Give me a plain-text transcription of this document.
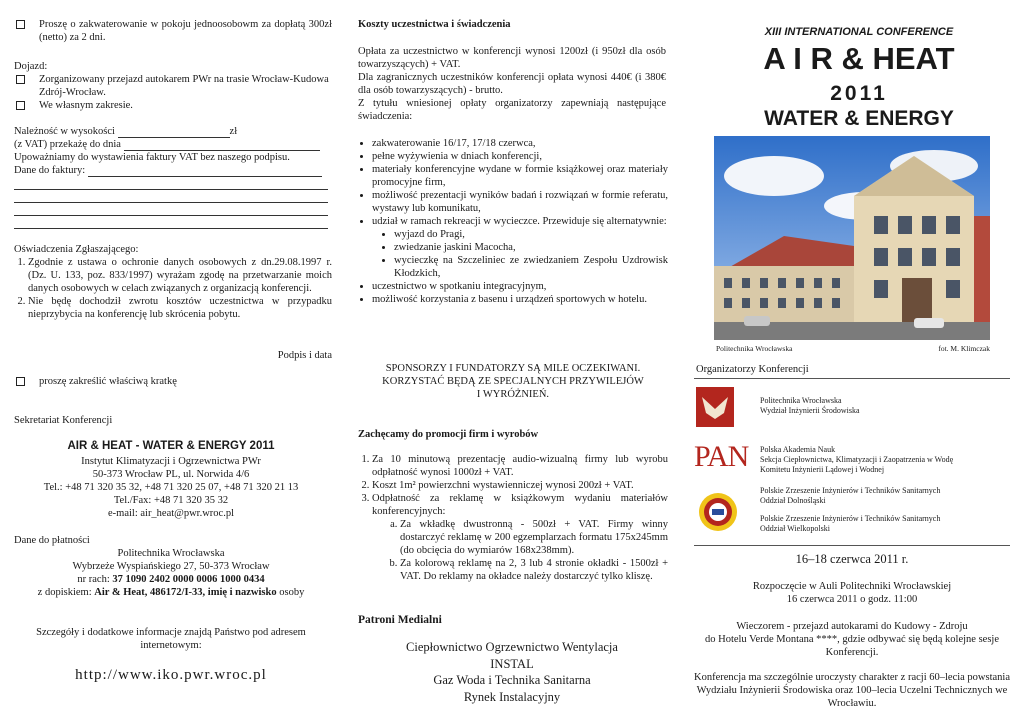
Proszę o zakwaterowanie w pokoju jednoosobowm za dopłatą 300zł (netto) za 2 dni.
Dojazd:
Zorganizowany przejazd autokarem PWr na trasie Wrocław-Kudowa Zdrój-Wrocław.
We własnym zakresie.
Należność w wysokości	zł
(z VAT) przekażę do dnia
Upoważniamy do wystawienia faktury VAT bez naszego podpisu.
Dane do faktury:
Oświadczenia Zgłaszającego:
1. Zgodnie z ustawa o ochronie danych osobowych z dn.29.08.1997 r. (Dz. U. 133, poz. 833/1997) wyrażam zgodę na przetwarzanie moich danych osobowych w celach związanych z organizacją konferencji.
2. Nie będę dochodził zwrotu kosztów uczestnictwa w przypadku nieprzybycia na konferencję lub skrócenia pobytu.
Podpis i data
proszę zakreślić właściwą kratkę
Sekretariat Konferencji
AIR & HEAT - WATER & ENERGY 2011
Instytut Klimatyzacji i Ogrzewnictwa PWr
50-373 Wrocław PL, ul. Norwida 4/6
Tel.: +48 71 320 35 32, +48 71 320 25 07, +48 71 320 21 13
Tel./Fax: +48 71 320 35 32
e-mail: air_heat@pwr.wroc.pl
Dane do płatności
Politechnika Wrocławska
Wybrzeże Wyspiańskiego 27, 50-373 Wrocław
nr rach: 37 1090 2402 0000 0006 1000 0434
z dopiskiem: Air & Heat, 486172/I-33, imię i nazwisko osoby
Szczegóły i dodatkowe informacje znajdą Państwo pod adresem internetowym:
http://www.iko.pwr.wroc.pl
Koszty uczestnictwa i świadczenia
Opłata za uczestnictwo w konferencji wynosi 1200zł (i 950zł dla osób towarzyszących) + VAT.
Dla zagranicznych uczestników konferencji opłata wynosi 440€ (i 380€ dla osób towarzyszących) - brutto.
Z tytułu wniesionej opłaty organizatorzy zapewniają następujące świadczenia:
• zakwaterowanie 16/17, 17/18 czerwca,
• pełne wyżywienia w dniach konferencji,
• materiały konferencyjne wydane w formie książkowej oraz materiały promocyjne firm,
• możliwość prezentacji wyników badań i rozwiązań w formie referatu, wystawy lub komunikatu,
• udział w ramach rekreacji w wycieczce. Przewiduje się alternatywnie:
• wyjazd do Pragi,
• zwiedzanie jaskini Macocha,
• wycieczkę na Szczeliniec ze zwiedzaniem Zespołu Uzdrowisk Kłodzkich,
• uczestnictwo w spotkaniu integracyjnym,
• możliwość korzystania z basenu i urządzeń sportowych w hotelu.
SPONSORZY I FUNDATORZY SĄ MILE OCZEKIWANI. KORZYSTAĆ BĘDĄ ZE SPECJALNYCH PRZYWILEJÓW I WYRÓŻNIEŃ.
Zachęcamy do promocji firm i wyrobów
1. Za 10 minutową prezentację audio-wizualną firmy lub wyrobu odpłatność wynosi 1000zł + VAT.
2. Koszt 1m² powierzchni wystawienniczej wynosi 200zł + VAT.
3. Odpłatność za reklamę w książkowym wydaniu materiałów konferencyjnych:
a. Za wkładkę dwustronną - 500zł + VAT. Firmy winny dostarczyć reklamę w 200 egzemplarzach formatu 175x245mm (do obcięcia do wymiarów 168x238mm).
b. Za kolorową reklamę na 2, 3 lub 4 stronie okładki - 1500zł + VAT. Do reklamy na okładce należy dostarczyć tylko kliszę.
Patroni Medialni
Ciepłownictwo Ogrzewnictwo Wentylacja
INSTAL
Gaz Woda i Technika Sanitarna
Rynek Instalacyjny
XIII INTERNATIONAL CONFERENCE
A I R & HEAT
2011
WATER & ENERGY
Politechnika Wrocławska	fot. M. Klimczak
Organizatorzy Konferencji
Politechnika Wrocławska
Wydział Inżynierii Środowiska
PAN Polska Akademia Nauk
Sekcja Ciepłownictwa, Klimatyzacji i Zaopatrzenia w Wodę
Komitetu Inżynierii Lądowej i Wodnej
Polskie Zrzeszenie Inżynierów i Techników Sanitarnych
Oddział Dolnośląski
Polskie Zrzeszenie Inżynierów i Techników Sanitarnych
Oddział Wielkopolski
16–18 czerwca 2011 r.
Rozpoczęcie w Auli Politechniki Wrocławskiej
16 czerwca 2011 o godz. 11:00
Wieczorem - przejazd autokarami do Kudowy - Zdroju
do Hotelu Verde Montana ****, gdzie odbywać się będą kolejne sesje Konferencji.
Konferencja ma szczególnie uroczysty charakter z racji 60–lecia powstania Wydziału Inżynierii Środowiska oraz 100–lecia Uczelni Technicznych we Wrocławiu.
